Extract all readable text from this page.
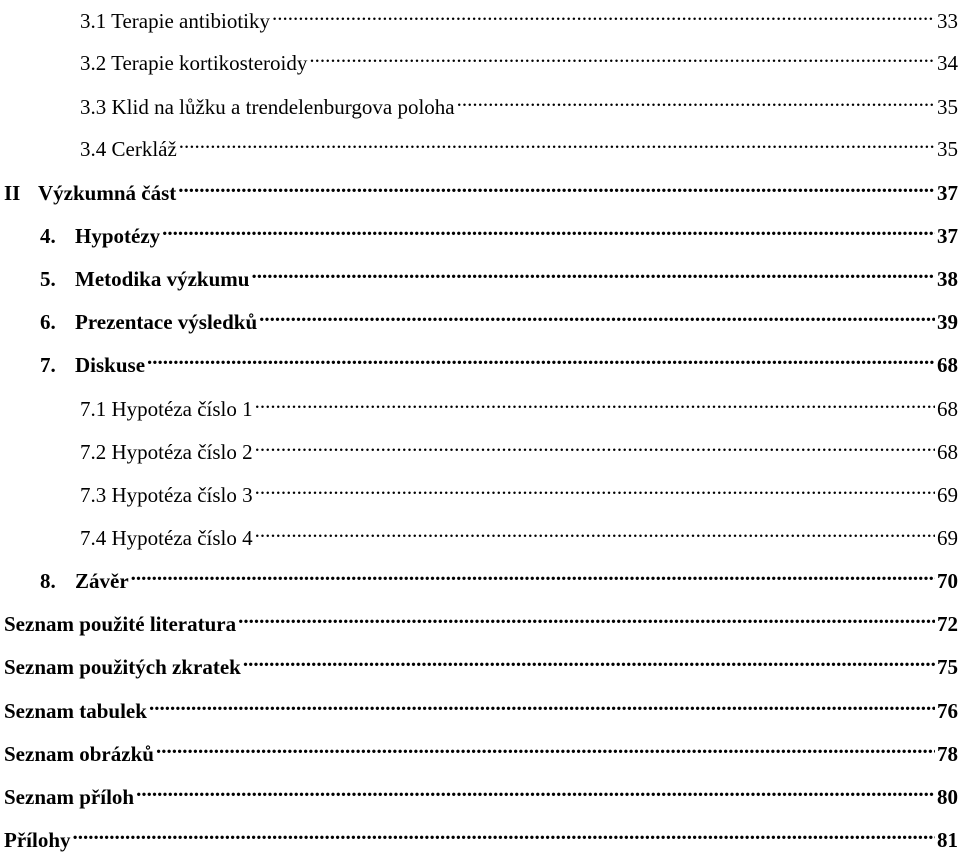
3.1 Terapie antibiotiky .....	33
3.2 Terapie kortikosteroidy .....	34
3.3 Klid na lůžku a trendelenburgova poloha .....	35
3.4 Cerkláž .....	35
II Výzkumná část .....	37
4. Hypotézy .....	37
5. Metodika výzkumu .....	38
6. Prezentace výsledků .....	39
7. Diskuse .....	68
7.1 Hypotéza číslo 1 .....	68
7.2 Hypotéza číslo 2 .....	68
7.3 Hypotéza číslo 3 .....	69
7.4 Hypotéza číslo 4 .....	69
8. Závěr .....	70
Seznam použité literatura .....	72
Seznam použitých zkratek .....	75
Seznam tabulek .....	76
Seznam obrázků .....	78
Seznam příloh .....	80
Přílohy .....	81
